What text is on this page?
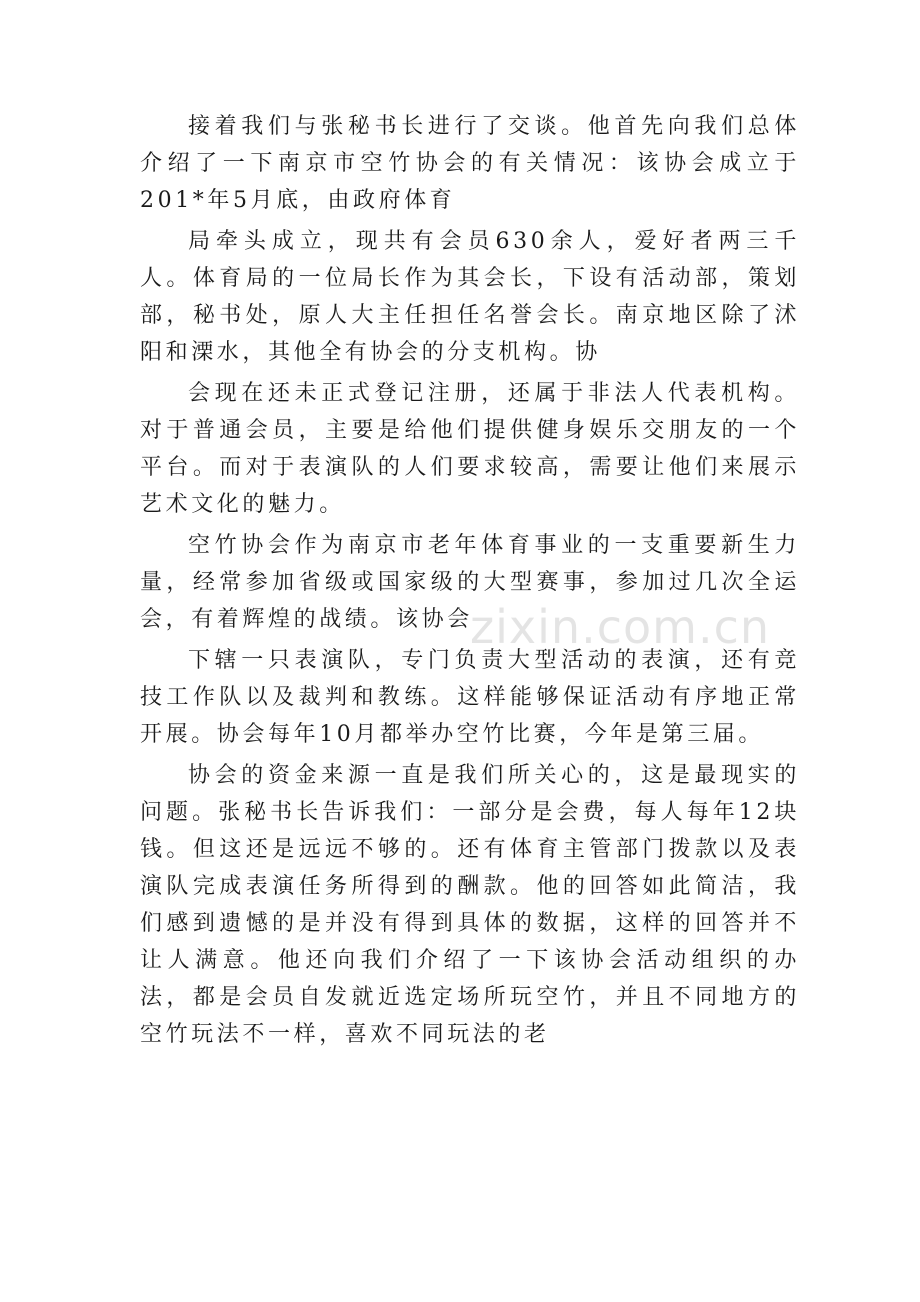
接着我们与张秘书长进行了交谈。他首先向我们总体介绍了一下南京市空竹协会的有关情况：该协会成立于201*年5月底，由政府体育

局牵头成立，现共有会员630余人，爱好者两三千人。体育局的一位局长作为其会长，下设有活动部，策划部，秘书处，原人大主任担任名誉会长。南京地区除了沭阳和溧水，其他全有协会的分支机构。协

会现在还未正式登记注册，还属于非法人代表机构。对于普通会员，主要是给他们提供健身娱乐交朋友的一个平台。而对于表演队的人们要求较高，需要让他们来展示艺术文化的魅力。

空竹协会作为南京市老年体育事业的一支重要新生力量，经常参加省级或国家级的大型赛事，参加过几次全运会，有着辉煌的战绩。该协会

下辖一只表演队，专门负责大型活动的表演，还有竞技工作队以及裁判和教练。这样能够保证活动有序地正常开展。协会每年10月都举办空竹比赛，今年是第三届。

协会的资金来源一直是我们所关心的，这是最现实的问题。张秘书长告诉我们：一部分是会费，每人每年12块钱。但这还是远远不够的。还有体育主管部门拨款以及表演队完成表演任务所得到的酬款。他的回答如此简洁，我们感到遗憾的是并没有得到具体的数据，这样的回答并不让人满意。他还向我们介绍了一下该协会活动组织的办法，都是会员自发就近选定场所玩空竹，并且不同地方的空竹玩法不一样，喜欢不同玩法的老

zixin.com.cn
